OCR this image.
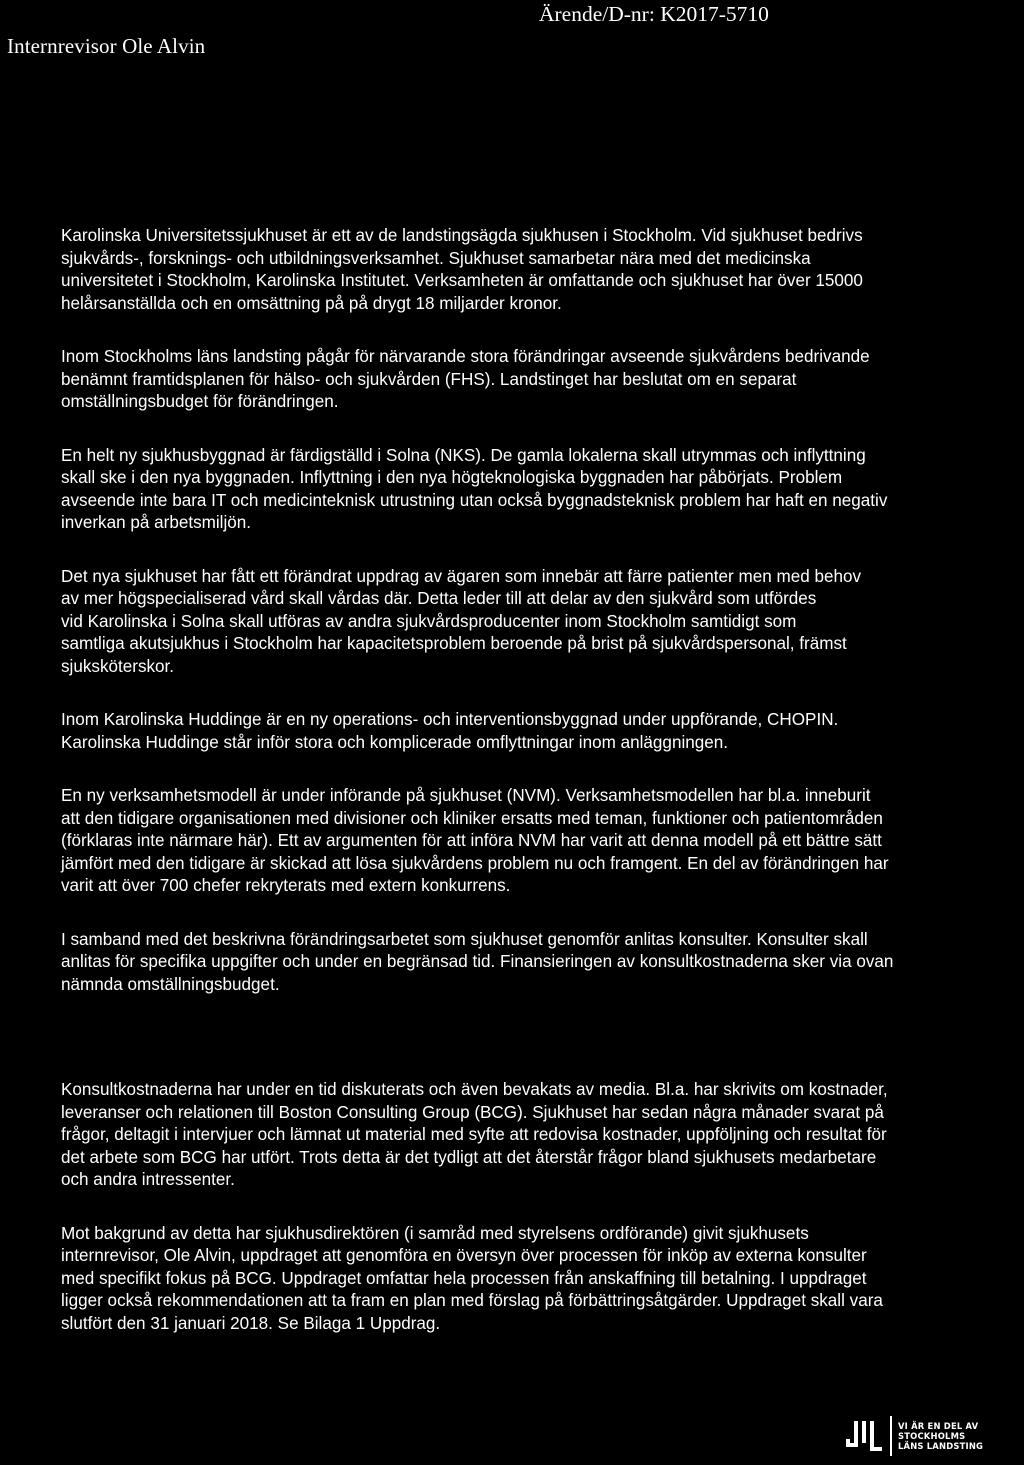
Internrevisor Ole Alvin
Ärende/D-nr: K2017-5710

Karolinska Universitetssjukhuset är ett av de landstingsägda sjukhusen i Stockholm. Vid sjukhuset bedrivs
sjukvårds-, forsknings- och utbildningsverksamhet. Sjukhuset samarbetar nära med det medicinska
universitetet i Stockholm, Karolinska Institutet. Verksamheten är omfattande och sjukhuset har över 15000
helårsanställda och en omsättning på på drygt 18 miljarder kronor.

Inom Stockholms läns landsting pågår för närvarande stora förändringar avseende sjukvårdens bedrivande
benämnt framtidsplanen för hälso- och sjukvården (FHS). Landstinget har beslutat om en separat
omställningsbudget för förändringen.

En helt ny sjukhusbyggnad är färdigställd i Solna (NKS). De gamla lokalerna skall utrymmas och inflyttning
skall ske i den nya byggnaden. Inflyttning i den nya högteknologiska byggnaden har påbörjats. Problem
avseende inte bara IT och medicinteknisk utrustning utan också byggnadsteknisk problem har haft en negativ
inverkan på arbetsmiljön.

Det nya sjukhuset har fått ett förändrat uppdrag av ägaren som innebär att färre patienter men med behov
av mer högspecialiserad vård skall vårdas där. Detta leder till att delar av den sjukvård som utfördes
vid Karolinska i Solna skall utföras av andra sjukvårdsproducenter inom Stockholm samtidigt som
samtliga akutsjukhus i Stockholm har kapacitetsproblem beroende på brist på sjukvårdspersonal, främst
sjuksköterskor.

Inom Karolinska Huddinge är en ny operations- och interventionsbyggnad under uppförande, CHOPIN.
Karolinska Huddinge står inför stora och komplicerade omflyttningar inom anläggningen.

En ny verksamhetsmodell är under införande på sjukhuset (NVM). Verksamhetsmodellen har bl.a. inneburit
att den tidigare organisationen med divisioner och kliniker ersatts med teman, funktioner och patientområden
(förklaras inte närmare här). Ett av argumenten för att införa NVM har varit att denna modell på ett bättre sätt
jämfört med den tidigare är skickad att lösa sjukvårdens problem nu och framgent. En del av förändringen har
varit att över 700 chefer rekryterats med extern konkurrens.

I samband med det beskrivna förändringsarbetet som sjukhuset genomför anlitas konsulter. Konsulter skall
anlitas för specifika uppgifter och under en begränsad tid. Finansieringen av konsultkostnaderna sker via ovan
nämnda omställningsbudget.

Konsultkostnaderna har under en tid diskuterats och även bevakats av media. Bl.a. har skrivits om kostnader,
leveranser och relationen till Boston Consulting Group (BCG). Sjukhuset har sedan några månader svarat på
frågor, deltagit i intervjuer och lämnat ut material med syfte att redovisa kostnader, uppföljning och resultat för
det arbete som BCG har utfört. Trots detta är det tydligt att det återstår frågor bland sjukhusets medarbetare
och andra intressenter.

Mot bakgrund av detta har sjukhusdirektören (i samråd med styrelsens ordförande) givit sjukhusets
internrevisor, Ole Alvin, uppdraget att genomföra en översyn över processen för inköp av externa konsulter
med specifikt fokus på BCG. Uppdraget omfattar hela processen från anskaffning till betalning. I uppdraget
ligger också rekommendationen att ta fram en plan med förslag på förbättringsåtgärder. Uppdraget skall vara
slutfört den 31 januari 2018. Se Bilaga 1 Uppdrag.

VI ÄR EN DEL AV
STOCKHOLMS
LÄNS LANDSTING
